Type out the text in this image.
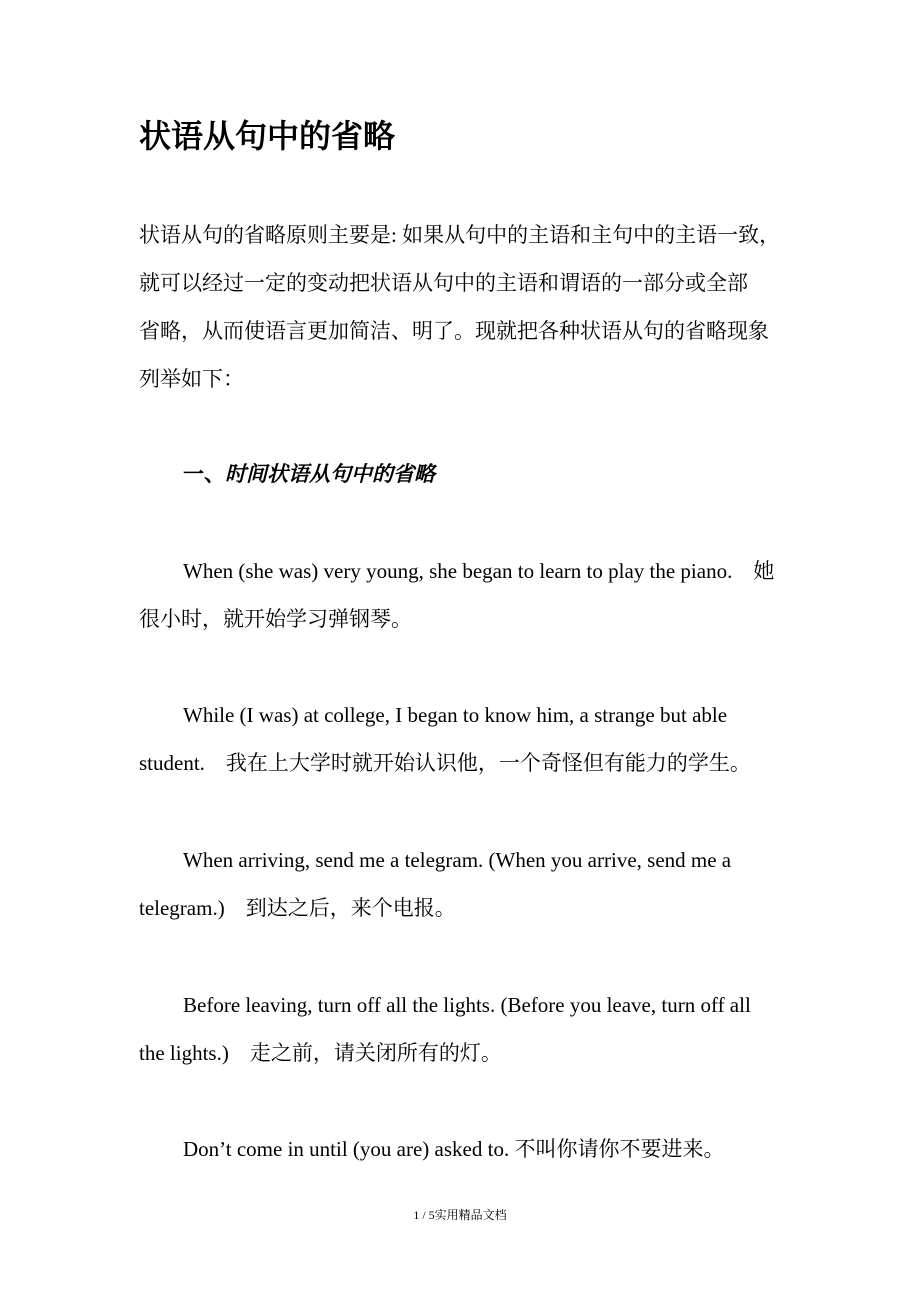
状语从句中的省略

状语从句的省略原则主要是: 如果从句中的主语和主句中的主语一致，
就可以经过一定的变动把状语从句中的主语和谓语的一部分或全部
省略，从而使语言更加简洁、明了。现就把各种状语从句的省略现象
列举如下：

一、时间状语从句中的省略

When (she was) very young, she began to learn to play the piano.　她
很小时，就开始学习弹钢琴。

While (I was) at college, I began to know him, a strange but able
student.　我在上大学时就开始认识他，一个奇怪但有能力的学生。

When arriving, send me a telegram. (When you arrive, send me a
telegram.)　到达之后，来个电报。

Before leaving, turn off all the lights. (Before you leave, turn off all
the lights.)　走之前，请关闭所有的灯。

Don’t come in until (you are) asked to. 不叫你请你不要进来。

1 / 5实用精品文档
